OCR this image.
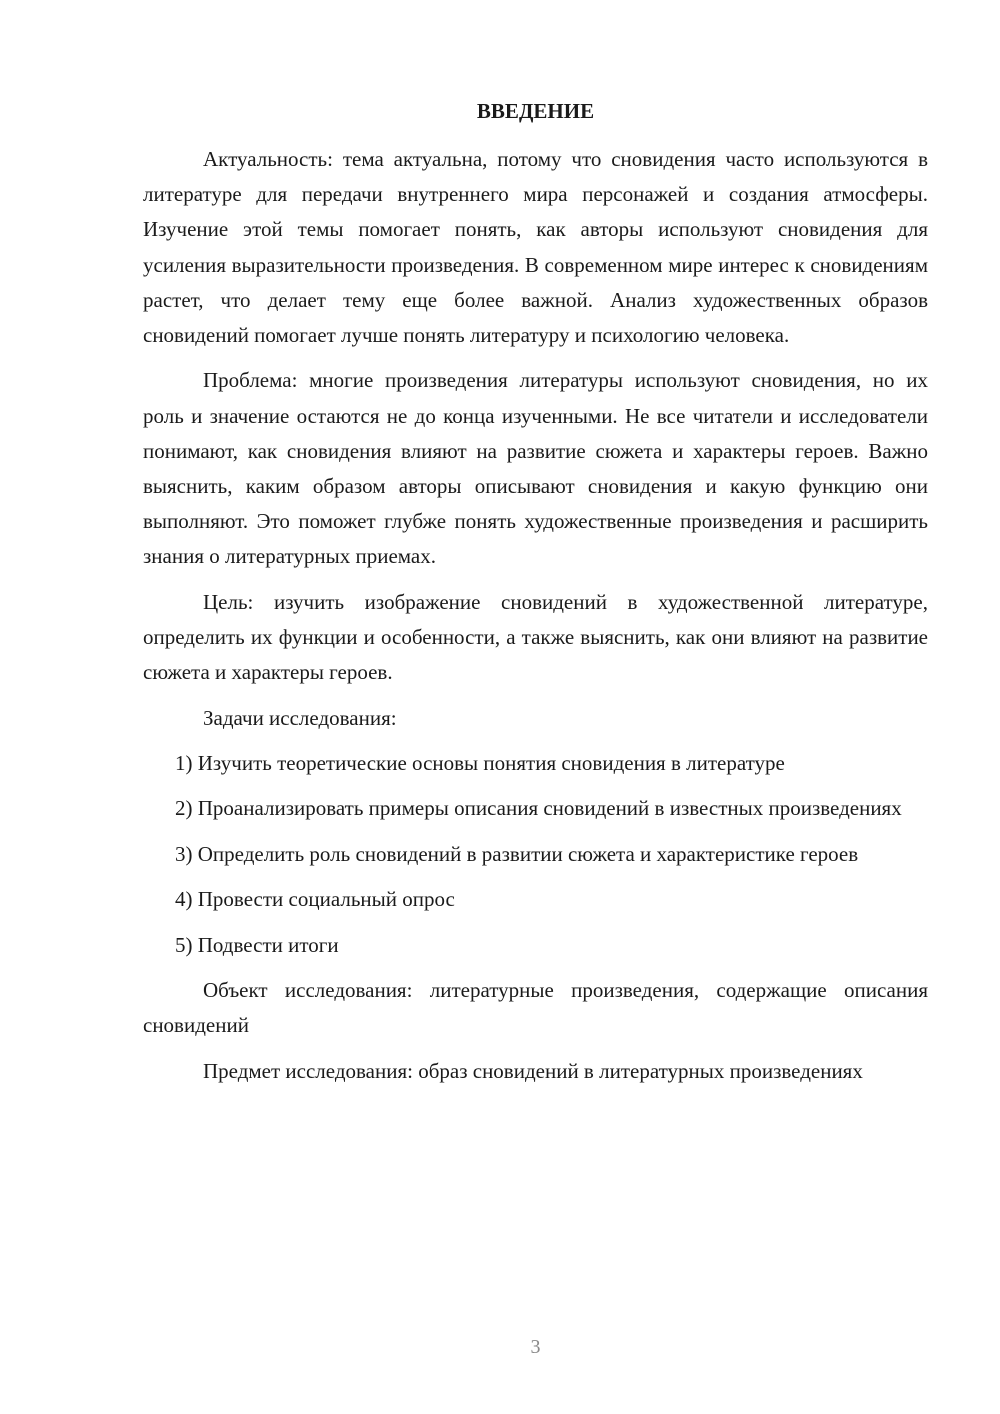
ВВЕДЕНИЕ

Актуальность: тема актуальна, потому что сновидения часто используются в литературе для передачи внутреннего мира персонажей и создания атмосферы. Изучение этой темы помогает понять, как авторы используют сновидения для усиления выразительности произведения. В современном мире интерес к сновидениям растет, что делает тему еще более важной. Анализ художественных образов сновидений помогает лучше понять литературу и психологию человека.

Проблема: многие произведения литературы используют сновидения, но их роль и значение остаются не до конца изученными. Не все читатели и исследователи понимают, как сновидения влияют на развитие сюжета и характеры героев. Важно выяснить, каким образом авторы описывают сновидения и какую функцию они выполняют. Это поможет глубже понять художественные произведения и расширить знания о литературных приемах.

Цель: изучить изображение сновидений в художественной литературе, определить их функции и особенности, а также выяснить, как они влияют на развитие сюжета и характеры героев.

Задачи исследования:

1) Изучить теоретические основы понятия сновидения в литературе

2) Проанализировать примеры описания сновидений в известных произведениях

3) Определить роль сновидений в развитии сюжета и характеристике героев

4) Провести социальный опрос

5) Подвести итоги

Объект исследования: литературные произведения, содержащие описания сновидений

Предмет исследования: образ сновидений в литературных произведениях

3
